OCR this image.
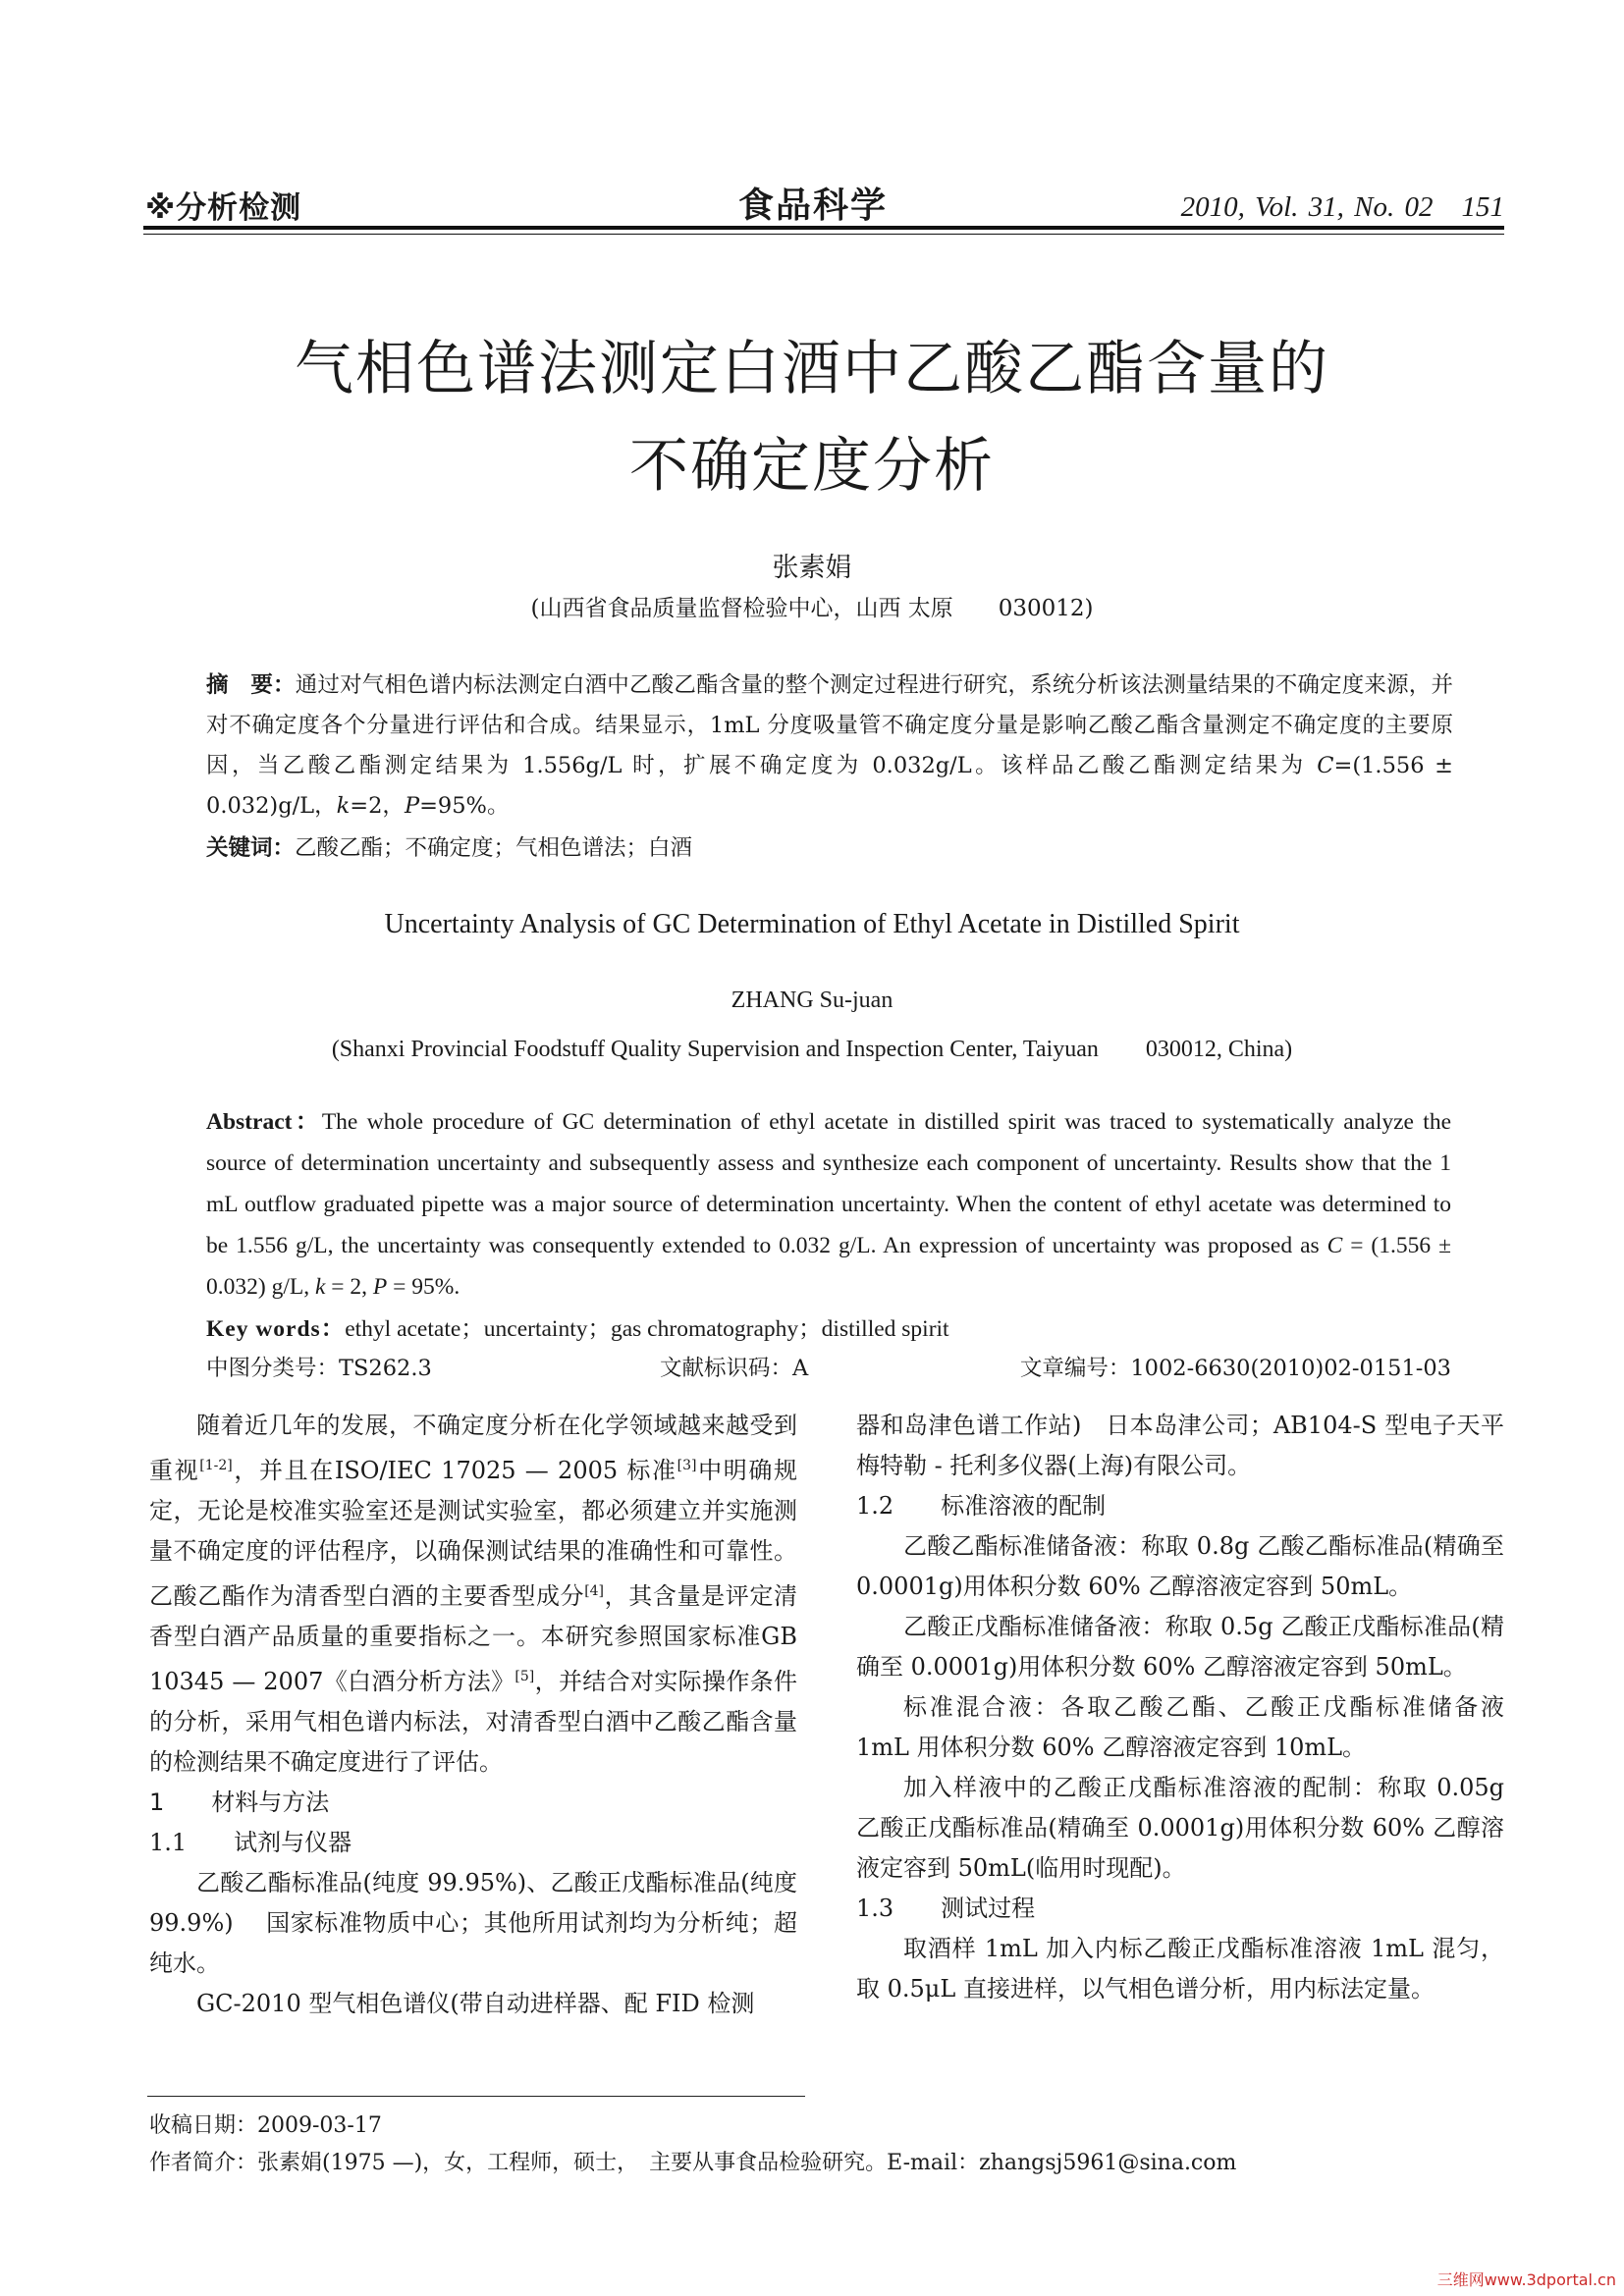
※分析检测	食品科学	2010, Vol. 31, No. 02　 151
气相色谱法测定白酒中乙酸乙酯含量的
不确定度分析
张素娟
(山西省食品质量监督检验中心，山西 太原　　030012)
摘　要：通过对气相色谱内标法测定白酒中乙酸乙酯含量的整个测定过程进行研究，系统分析该法测量结果的不确定度来源，并对不确定度各个分量进行评估和合成。结果显示，1mL 分度吸量管不确定度分量是影响乙酸乙酯含量测定不确定度的主要原因，当乙酸乙酯测定结果为 1.556g/L 时，扩展不确定度为 0.032g/L。该样品乙酸乙酯测定结果为 C=(1.556 ± 0.032)g/L，k=2，P=95%。
关键词：乙酸乙酯；不确定度；气相色谱法；白酒
Uncertainty Analysis of GC Determination of Ethyl Acetate in Distilled Spirit
ZHANG Su-juan
(Shanxi Provincial Foodstuff Quality Supervision and Inspection Center, Taiyuan　　030012, China)
Abstract：The whole procedure of GC determination of ethyl acetate in distilled spirit was traced to systematically analyze the source of determination uncertainty and subsequently assess and synthesize each component of uncertainty. Results show that the 1 mL outflow graduated pipette was a major source of determination uncertainty. When the content of ethyl acetate was determined to be 1.556 g/L, the uncertainty was consequently extended to 0.032 g/L. An expression of uncertainty was proposed as C = (1.556 ± 0.032) g/L, k = 2, P = 95%.
Key words：ethyl acetate；uncertainty；gas chromatography；distilled spirit
中图分类号：TS262.3	文献标识码：A	文章编号：1002-6630(2010)02-0151-03

随着近几年的发展，不确定度分析在化学领域越来越受到重视[1-2]，并且在ISO/IEC 17025 — 2005 标准[3]中明确规定，无论是校准实验室还是测试实验室，都必须建立并实施测量不确定度的评估程序，以确保测试结果的准确性和可靠性。乙酸乙酯作为清香型白酒的主要香型成分[4]，其含量是评定清香型白酒产品质量的重要指标之一。本研究参照国家标准GB 10345 — 2007《白酒分析方法》[5]，并结合对实际操作条件的分析，采用气相色谱内标法，对清香型白酒中乙酸乙酯含量的检测结果不确定度进行了评估。

1　　材料与方法

1.1　　试剂与仪器

乙酸乙酯标准品(纯度 99.95%)、乙酸正戊酯标准品(纯度 99.9%)　 国家标准物质中心；其他所用试剂均为分析纯；超纯水。

GC-2010 型气相色谱仪(带自动进样器、配 FID 检测

器和岛津色谱工作站)　日本岛津公司；AB104-S 型电子天平　 梅特勒 - 托利多仪器(上海)有限公司。

1.2　　标准溶液的配制

乙酸乙酯标准储备液：称取 0.8g 乙酸乙酯标准品(精确至 0.0001g)用体积分数 60% 乙醇溶液定容到 50mL。

乙酸正戊酯标准储备液：称取 0.5g 乙酸正戊酯标准品(精确至 0.0001g)用体积分数 60% 乙醇溶液定容到 50mL。

标准混合液：各取乙酸乙酯、乙酸正戊酯标准储备液 1mL 用体积分数 60% 乙醇溶液定容到 10mL。

加入样液中的乙酸正戊酯标准溶液的配制：称取 0.05g 乙酸正戊酯标准品(精确至 0.0001g)用体积分数 60% 乙醇溶液定容到 50mL(临用时现配)。

1.3　　测试过程

取酒样 1mL 加入内标乙酸正戊酯标准溶液 1mL 混匀，取 0.5μL 直接进样，以气相色谱分析，用内标法定量。

收稿日期：2009-03-17
作者简介：张素娟(1975 —)，女，工程师，硕士，　主要从事食品检验研究。E-mail：zhangsj5961@sina.com
三维网www.3dportal.cn
